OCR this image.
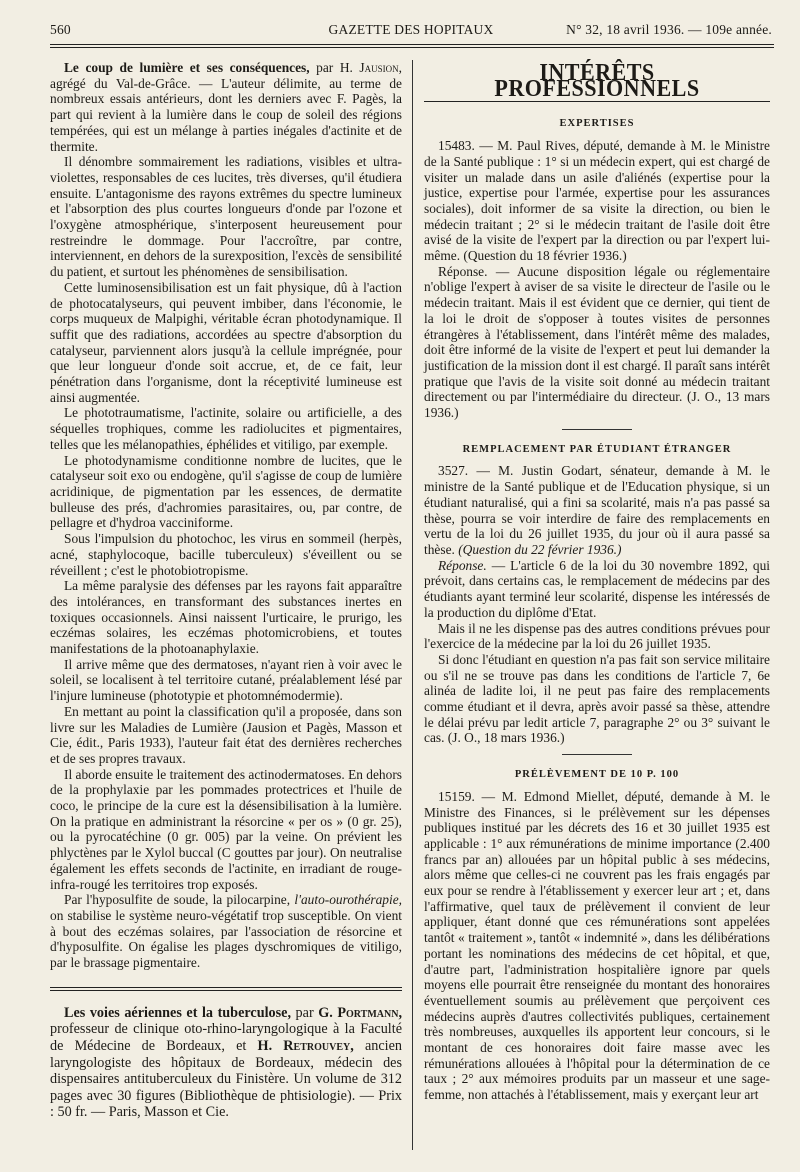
560	GAZETTE DES HOPITAUX	N° 32, 18 avril 1936. — 109e année.

Le coup de lumière et ses conséquences, par H. Jausion, agrégé du Val-de-Grâce. — L'auteur délimite, au terme de nombreux essais antérieurs, dont les derniers avec F. Pagès, la part qui revient à la lumière dans le coup de soleil des régions tempérées, qui est un mélange à parties inégales d'actinite et de thermite.

Il dénombre sommairement les radiations, visibles et ultra-violettes, responsables de ces lucites, très diverses, qu'il étudiera ensuite. L'antagonisme des rayons extrêmes du spectre lumineux et l'absorption des plus courtes longueurs d'onde par l'ozone et l'oxygène atmosphérique, s'interposent heureusement pour restreindre le dommage. Pour l'accroître, par contre, interviennent, en dehors de la surexposition, l'excès de sensibilité du patient, et surtout les phénomènes de sensibilisation.

Cette luminosensibilisation est un fait physique, dû à l'action de photocatalyseurs, qui peuvent imbiber, dans l'économie, le corps muqueux de Malpighi, véritable écran photodynamique. Il suffit que des radiations, accordées au spectre d'absorption du catalyseur, parviennent alors jusqu'à la cellule imprégnée, pour que leur longueur d'onde soit accrue, et, de ce fait, leur pénétration dans l'organisme, dont la réceptivité lumineuse est ainsi augmentée.

Le phototraumatisme, l'actinite, solaire ou artificielle, a des séquelles trophiques, comme les radiolucites et pigmentaires, telles que les mélanopathies, éphélides et vitiligo, par exemple.

Le photodynamisme conditionne nombre de lucites, que le catalyseur soit exo ou endogène, qu'il s'agisse de coup de lumière acridinique, de pigmentation par les essences, de dermatite bulleuse des prés, d'achromies parasitaires, ou, par contre, de pellagre et d'hydroa vacciniforme.

Sous l'impulsion du photochoc, les virus en sommeil (herpès, acné, staphylocoque, bacille tuberculeux) s'éveillent ou se réveillent ; c'est le photobiotropisme.

La même paralysie des défenses par les rayons fait apparaître des intolérances, en transformant des substances inertes en toxiques occasionnels. Ainsi naissent l'urticaire, le prurigo, les eczémas solaires, les eczémas photomicrobiens, et toutes manifestations de la photoanaphylaxie.

Il arrive même que des dermatoses, n'ayant rien à voir avec le soleil, se localisent à tel territoire cutané, préalablement lésé par l'injure lumineuse (phototypie et photomnémodermie).

En mettant au point la classification qu'il a proposée, dans son livre sur les Maladies de Lumière (Jausion et Pagès, Masson et Cie, édit., Paris 1933), l'auteur fait état des dernières recherches et de ses propres travaux.

Il aborde ensuite le traitement des actinodermatoses. En dehors de la prophylaxie par les pommades protectrices et l'huile de coco, le principe de la cure est la désensibilisation à la lumière. On la pratique en administrant la résorcine « per os » (0 gr. 25), ou la pyrocatéchine (0 gr. 005) par la veine. On prévient les phlyctènes par le Xylol buccal (C gouttes par jour). On neutralise également les effets seconds de l'actinite, en irradiant de rouge-infra-rougé les territoires trop exposés.

Par l'hyposulfite de soude, la pilocarpine, l'auto-ourothérapie, on stabilise le système neuro-végétatif trop susceptible. On vient à bout des eczémas solaires, par l'association de résorcine et d'hyposulfite. On égalise les plages dyschromiques de vitiligo, par le brassage pigmentaire.

Les voies aériennes et la tuberculose, par G. Portmann, professeur de clinique oto-rhino-laryngologique à la Faculté de Médecine de Bordeaux, et H. Retrouvey, ancien laryngologiste des hôpitaux de Bordeaux, médecin des dispensaires antituberculeux du Finistère. Un volume de 312 pages avec 30 figures (Bibliothèque de phtisiologie). — Prix : 50 fr. — Paris, Masson et Cie.

INTÉRÊTS PROFESSIONNELS
EXPERTISES

15483. — M. Paul Rives, député, demande à M. le Ministre de la Santé publique : 1° si un médecin expert, qui est chargé de visiter un malade dans un asile d'aliénés (expertise pour la justice, expertise pour l'armée, expertise pour les assurances sociales), doit informer de sa visite la direction, ou bien le médecin traitant ; 2° si le médecin traitant de l'asile doit être avisé de la visite de l'expert par la direction ou par l'expert lui-même. (Question du 18 février 1936.)

Réponse. — Aucune disposition légale ou réglementaire n'oblige l'expert à aviser de sa visite le directeur de l'asile ou le médecin traitant. Mais il est évident que ce dernier, qui tient de la loi le droit de s'opposer à toutes visites de personnes étrangères à l'établissement, dans l'intérêt même des malades, doit être informé de la visite de l'expert et peut lui demander la justification de la mission dont il est chargé. Il paraît sans intérêt pratique que l'avis de la visite soit donné au médecin traitant directement ou par l'intermédiaire du directeur. (J. O., 13 mars 1936.)

REMPLACEMENT PAR ÉTUDIANT ÉTRANGER

3527. — M. Justin Godart, sénateur, demande à M. le ministre de la Santé publique et de l'Education physique, si un étudiant naturalisé, qui a fini sa scolarité, mais n'a pas passé sa thèse, pourra se voir interdire de faire des remplacements en vertu de la loi du 26 juillet 1935, du jour où il aura passé sa thèse. (Question du 22 février 1936.)

Réponse. — L'article 6 de la loi du 30 novembre 1892, qui prévoit, dans certains cas, le remplacement de médecins par des étudiants ayant terminé leur scolarité, dispense les intéressés de la production du diplôme d'Etat.

Mais il ne les dispense pas des autres conditions prévues pour l'exercice de la médecine par la loi du 26 juillet 1935.

Si donc l'étudiant en question n'a pas fait son service militaire ou s'il ne se trouve pas dans les conditions de l'article 7, 6e alinéa de ladite loi, il ne peut pas faire des remplacements comme étudiant et il devra, après avoir passé sa thèse, attendre le délai prévu par ledit article 7, paragraphe 2° ou 3° suivant le cas. (J. O., 18 mars 1936.)

PRÉLÈVEMENT DE 10 P. 100

15159. — M. Edmond Miellet, député, demande à M. le Ministre des Finances, si le prélèvement sur les dépenses publiques institué par les décrets des 16 et 30 juillet 1935 est applicable : 1° aux rémunérations de minime importance (2.400 francs par an) allouées par un hôpital public à ses médecins, alors même que celles-ci ne couvrent pas les frais engagés par eux pour se rendre à l'établissement y exercer leur art ; et, dans l'affirmative, quel taux de prélèvement il convient de leur appliquer, étant donné que ces rémunérations sont appelées tantôt « traitement », tantôt « indemnité », dans les délibérations portant les nominations des médecins de cet hôpital, et que, d'autre part, l'administration hospitalière ignore par quels moyens elle pourrait être renseignée du montant des honoraires éventuellement soumis au prélèvement que perçoivent ces médecins auprès d'autres collectivités publiques, certainement très nombreuses, auxquelles ils apportent leur concours, si le montant de ces honoraires doit faire masse avec les rémunérations allouées à l'hôpital pour la détermination de ce taux ; 2° aux mémoires produits par un masseur et une sage-femme, non attachés à l'établissement, mais y exerçant leur art
